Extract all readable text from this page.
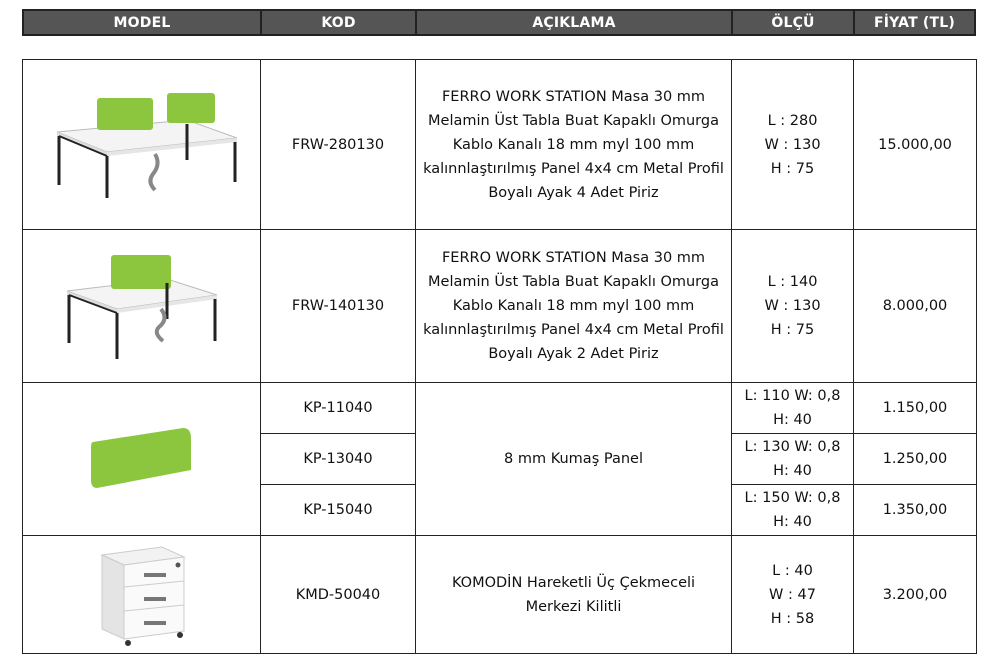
MODEL	KOD	AÇIKLAMA	ÖLÇÜ	FİYAT (TL)
	FRW-280130	FERRO WORK STATION Masa 30 mm Melamin Üst Tabla Buat Kapaklı Omurga Kablo Kanalı 18 mm myl 100 mm kalınnlaştırılmış Panel 4x4 cm Metal Profil Boyalı Ayak 4 Adet Piriz	L : 280
W : 130
H : 75	15.000,00

	FRW-140130	FERRO WORK STATION Masa 30 mm Melamin Üst Tabla Buat Kapaklı Omurga Kablo Kanalı 18 mm myl 100 mm kalınnlaştırılmış Panel 4x4 cm Metal Profil Boyalı Ayak 2 Adet Piriz	L : 140
W : 130
H : 75	8.000,00

	KP-11040	8 mm Kumaş Panel	L: 110 W: 0,8
H: 40	1.150,00
	KP-13040		L: 130 W: 0,8
H: 40	1.250,00
	KP-15040		L: 150 W: 0,8
H: 40	1.350,00

	KMD-50040	KOMODİN Hareketli Üç Çekmeceli Merkezi Kilitli	L : 40
W : 47
H : 58	3.200,00
